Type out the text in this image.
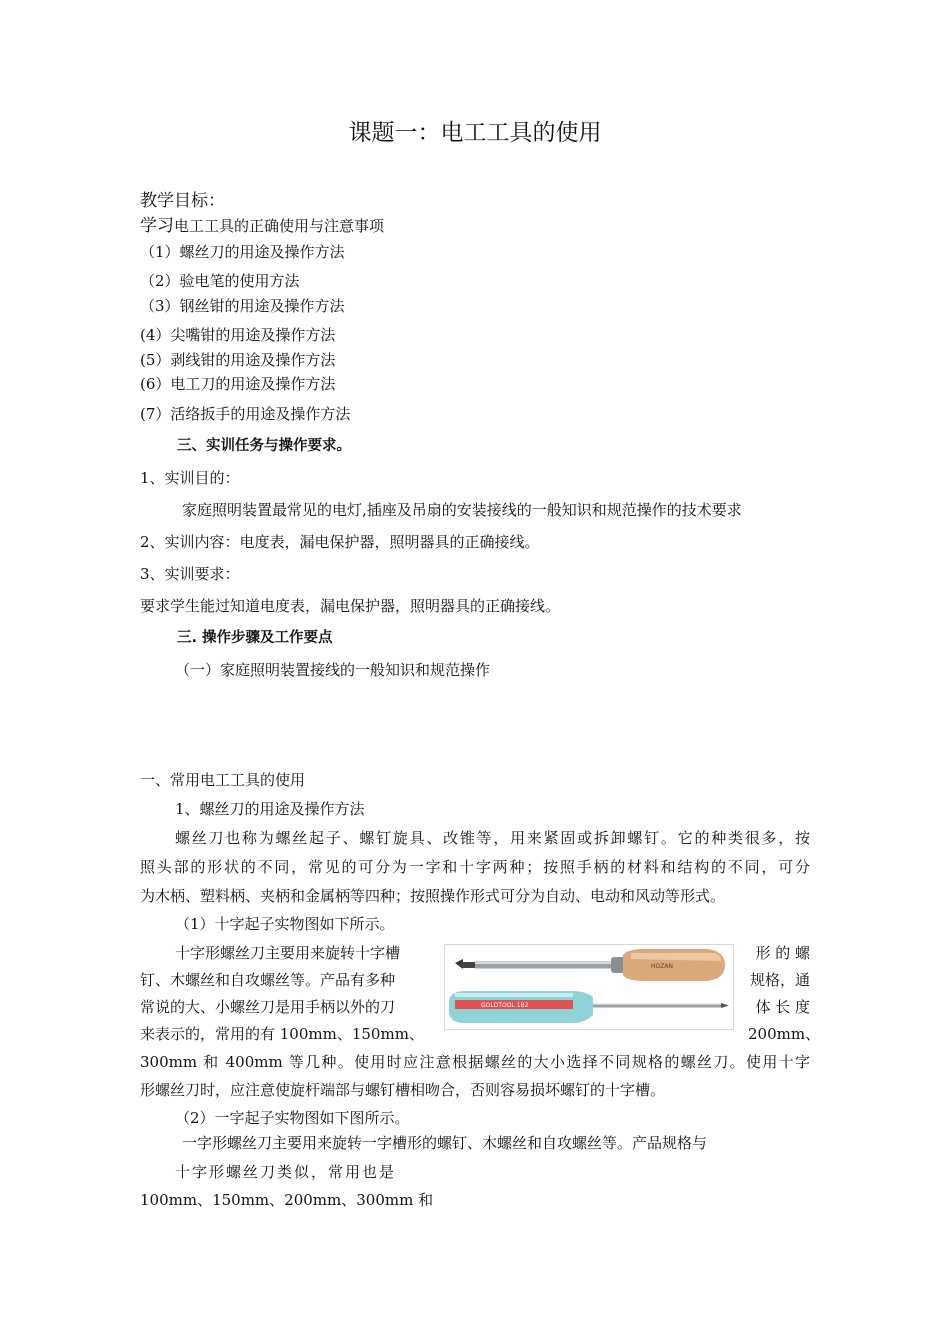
课题一：电工工具的使用
教学目标：
学习电工工具的正确使用与注意事项
（1）螺丝刀的用途及操作方法
（2）验电笔的使用方法
（3）钢丝钳的用途及操作方法
(4）尖嘴钳的用途及操作方法
(5）剥线钳的用途及操作方法
(6）电工刀的用途及操作方法
(7）活络扳手的用途及操作方法
三、实训任务与操作要求。
1、实训目的：
家庭照明装置最常见的电灯,插座及吊扇的安装接线的一般知识和规范操作的技术要求
2、实训内容：电度表，漏电保护器，照明器具的正确接线。
3、实训要求：
要求学生能过知道电度表，漏电保护器，照明器具的正确接线。
三. 操作步骤及工作要点
（一）家庭照明装置接线的一般知识和规范操作
一、常用电工工具的使用
1、螺丝刀的用途及操作方法
螺丝刀也称为螺丝起子、螺钉旋具、改锥等，用来紧固或拆卸螺钉。它的种类很多，按
照头部的形状的不同，常见的可分为一字和十字两种；按照手柄的材料和结构的不同，可分
为木柄、塑料柄、夹柄和金属柄等四种；按照操作形式可分为自动、电动和风动等形式。
（1）十字起子实物图如下所示。
十字形螺丝刀主要用来旋转十字槽
钉、木螺丝和自攻螺丝等。产品有多种
常说的大、小螺丝刀是用手柄以外的刀
来表示的，常用的有 100mm、150mm、
形 的 螺
规格，通
体 长 度
200mm、
HOZAN
GOLDTOOL 1B2
300mm 和 400mm 等几种。使用时应注意根据螺丝的大小选择不同规格的螺丝刀。使用十字
形螺丝刀时，应注意使旋杆端部与螺钉槽相吻合，否则容易损坏螺钉的十字槽。
（2）一字起子实物图如下图所示。
一字形螺丝刀主要用来旋转一字槽形的螺钉、木螺丝和自攻螺丝等。产品规格与
十字形螺丝刀类似，常用也是
100mm、150mm、200mm、300mm 和
